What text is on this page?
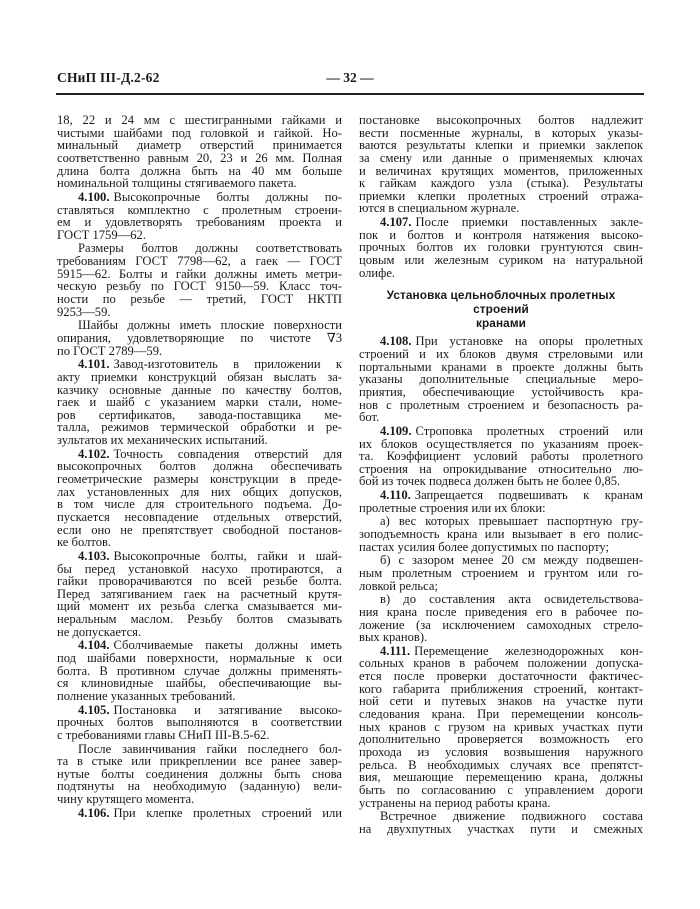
СНиП III-Д.2-62	— 32 —
18, 22 и 24 мм с шестигранными гайками и
чистыми шайбами под головкой и гайкой. Но-
минальный диаметр отверстий принимается
соответственно равным 20, 23 и 26 мм. Полная
длина болта должна быть на 40 мм больше
номинальной толщины стягиваемого пакета.
4.100. Высокопрочные болты должны по-
ставляться комплектно с пролетным строени-
ем и удовлетворять требованиям проекта и
ГОСТ 1759—62.
Размеры болтов должны соответствовать
требованиям ГОСТ 7798—62, а гаек — ГОСТ
5915—62. Болты и гайки должны иметь метри-
ческую резьбу по ГОСТ 9150—59. Класс точ-
ности по резьбе — третий, ГОСТ НКТП
9253—59.
Шайбы должны иметь плоские поверхности
опирания, удовлетворяющие по чистоте ∇3
по ГОСТ 2789—59.
4.101. Завод-изготовитель в приложении к
акту приемки конструкций обязан выслать за-
казчику основные данные по качеству болтов,
гаек и шайб с указанием марки стали, номе-
ров сертификатов, завода-поставщика ме-
талла, режимов термической обработки и ре-
зультатов их механических испытаний.
4.102. Точность совпадения отверстий для
высокопрочных болтов должна обеспечивать
геометрические размеры конструкции в преде-
лах установленных для них общих допусков,
в том числе для строительного подъема. До-
пускается несовпадение отдельных отверстий,
если оно не препятствует свободной постанов-
ке болтов.
4.103. Высокопрочные болты, гайки и шай-
бы перед установкой насухо протираются, а
гайки проворачиваются по всей резьбе болта.
Перед затягиванием гаек на расчетный крутя-
щий момент их резьба слегка смазывается ми-
неральным маслом. Резьбу болтов смазывать
не допускается.
4.104. Сболчиваемые пакеты должны иметь
под шайбами поверхности, нормальные к оси
болта. В противном случае должны применять-
ся клиновидные шайбы, обеспечивающие вы-
полнение указанных требований.
4.105. Постановка и затягивание высоко-
прочных болтов выполняются в соответствии
с требованиями главы СНиП III-В.5-62.
После завинчивания гайки последнего бол-
та в стыке или прикреплении все ранее завер-
нутые болты соединения должны быть снова
подтянуты на необходимую (заданную) вели-
чину крутящего момента.
4.106. При клепке пролетных строений или
постановке высокопрочных болтов надлежит
вести посменные журналы, в которых указы-
ваются результаты клепки и приемки заклепок
за смену или данные о применяемых ключах
и величинах крутящих моментов, приложенных
к гайкам каждого узла (стыка). Результаты
приемки клепки пролетных строений отража-
ются в специальном журнале.
4.107. После приемки поставленных закле-
пок и болтов и контроля натяжения высоко-
прочных болтов их головки грунтуются свин-
цовым или железным суриком на натуральной
олифе.
Установка цельноблочных пролетных строений
кранами
4.108. При установке на опоры пролетных
строений и их блоков двумя стреловыми или
портальными кранами в проекте должны быть
указаны дополнительные специальные меро-
приятия, обеспечивающие устойчивость кра-
нов с пролетным строением и безопасность ра-
бот.
4.109. Строповка пролетных строений или
их блоков осуществляется по указаниям проек-
та. Коэффициент условий работы пролетного
строения на опрокидывание относительно лю-
бой из точек подвеса должен быть не более 0,85.
4.110. Запрещается подвешивать к кранам
пролетные строения или их блоки:
а) вес которых превышает паспортную гру-
зоподъемность крана или вызывает в его полис-
пастах усилия более допустимых по паспорту;
б) с зазором менее 20 см между подвешен-
ным пролетным строением и грунтом или го-
ловкой рельса;
в) до составления акта освидетельствова-
ния крана после приведения его в рабочее по-
ложение (за исключением самоходных стрело-
вых кранов).
4.111. Перемещение железнодорожных кон-
сольных кранов в рабочем положении допуска-
ется после проверки достаточности фактичес-
кого габарита приближения строений, контакт-
ной сети и путевых знаков на участке пути
следования крана. При перемещении консоль-
ных кранов с грузом на кривых участках пути
дополнительно проверяется возможность его
прохода из условия возвышения наружного
рельса. В необходимых случаях все препятст-
вия, мешающие перемещению крана, должны
быть по согласованию с управлением дороги
устранены на период работы крана.
Встречное движение подвижного состава
на двухпутных участках пути и смежных
